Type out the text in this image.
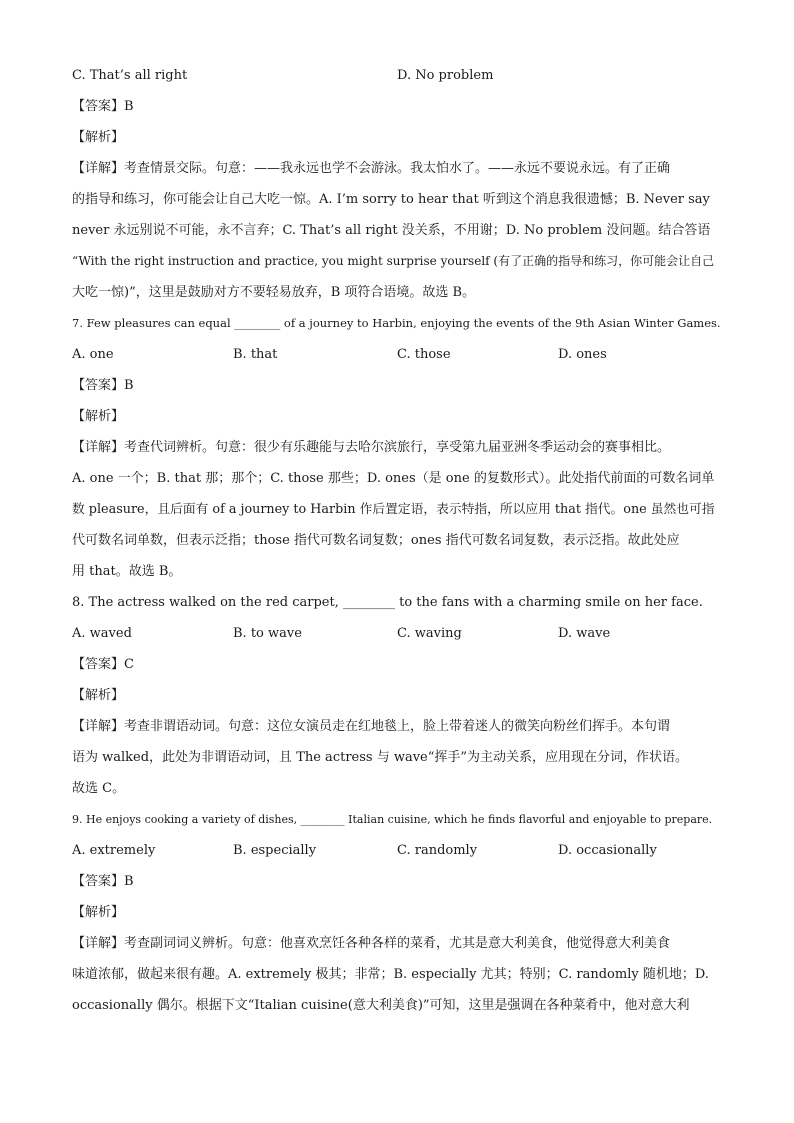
C. That’s all right	D. No problem
【答案】B
【解析】
【详解】考查情景交际。句意：——我永远也学不会游泳。我太怕水了。——永远不要说永远。有了正确
的指导和练习，你可能会让自己大吃一惊。A. I’m sorry to hear that 听到这个消息我很遗憾；B. Never say
never 永远别说不可能，永不言弃；C. That’s all right 没关系，不用谢；D. No problem 没问题。结合答语
“With the right instruction and practice, you might surprise yourself (有了正确的指导和练习，你可能会让自己
大吃一惊)”，这里是鼓励对方不要轻易放弃，B 项符合语境。故选 B。
7. Few pleasures can equal ________ of a journey to Harbin, enjoying the events of the 9th Asian Winter Games.
A. one	B. that	C. those	D. ones
【答案】B
【解析】
【详解】考查代词辨析。句意：很少有乐趣能与去哈尔滨旅行，享受第九届亚洲冬季运动会的赛事相比。
A. one 一个；B. that 那；那个；C. those 那些；D. ones（是 one 的复数形式）。此处指代前面的可数名词单
数 pleasure，且后面有 of a journey to Harbin 作后置定语，表示特指，所以应用 that 指代。one 虽然也可指
代可数名词单数，但表示泛指；those 指代可数名词复数；ones 指代可数名词复数，表示泛指。故此处应
用 that。故选 B。
8. The actress walked on the red carpet, ________ to the fans with a charming smile on her face.
A. waved	B. to wave	C. waving	D. wave
【答案】C
【解析】
【详解】考查非谓语动词。句意：这位女演员走在红地毯上，脸上带着迷人的微笑向粉丝们挥手。本句谓
语为 walked，此处为非谓语动词，且 The actress 与 wave“挥手”为主动关系，应用现在分词，作状语。
故选 C。
9. He enjoys cooking a variety of dishes, ________ Italian cuisine, which he finds flavorful and enjoyable to prepare.
A. extremely	B. especially	C. randomly	D. occasionally
【答案】B
【解析】
【详解】考查副词词义辨析。句意：他喜欢烹饪各种各样的菜肴，尤其是意大利美食，他觉得意大利美食
味道浓郁，做起来很有趣。A. extremely 极其；非常；B. especially 尤其；特别；C. randomly 随机地；D.
occasionally 偶尔。根据下文“Italian cuisine(意大利美食)”可知，这里是强调在各种菜肴中，他对意大利
